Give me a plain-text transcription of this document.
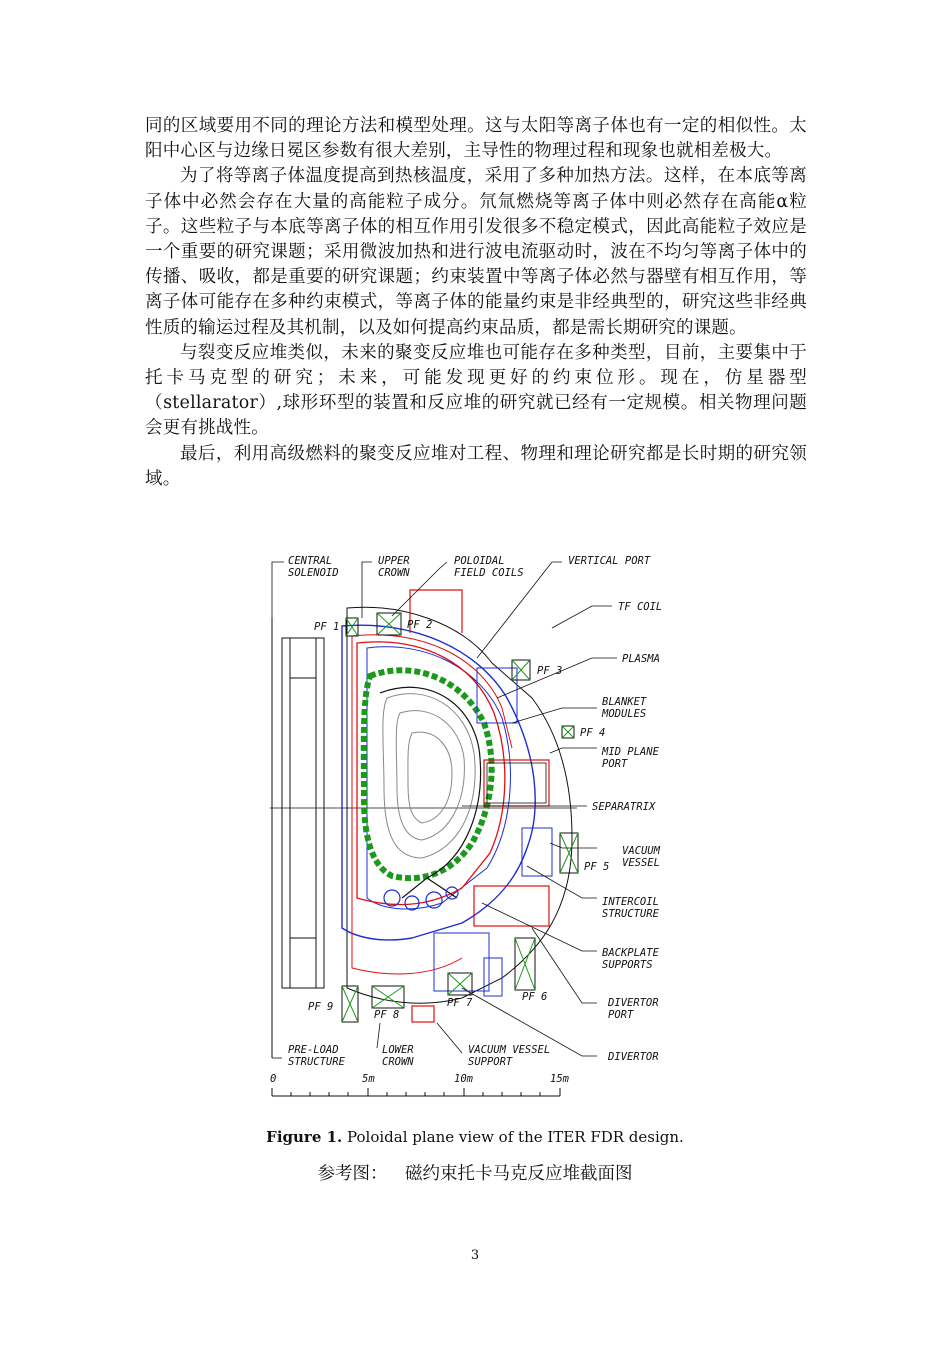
同的区域要用不同的理论方法和模型处理。这与太阳等离子体也有一定的相似性。太阳中心区与边缘日冕区参数有很大差别，主导性的物理过程和现象也就相差极大。

为了将等离子体温度提高到热核温度，采用了多种加热方法。这样，在本底等离子体中必然会存在大量的高能粒子成分。氘氚燃烧等离子体中则必然存在高能α粒子。这些粒子与本底等离子体的相互作用引发很多不稳定模式，因此高能粒子效应是一个重要的研究课题；采用微波加热和进行波电流驱动时，波在不均匀等离子体中的传播、吸收，都是重要的研究课题；约束装置中等离子体必然与器壁有相互作用，等离子体可能存在多种约束模式，等离子体的能量约束是非经典型的，研究这些非经典性质的输运过程及其机制，以及如何提高约束品质，都是需长期研究的课题。

与裂变反应堆类似，未来的聚变反应堆也可能存在多种类型，目前，主要集中于托卡马克型的研究；未来，可能发现更好的约束位形。现在，仿星器型（stellarator）,球形环型的装置和反应堆的研究就已经有一定规模。相关物理问题会更有挑战性。

最后，利用高级燃料的聚变反应堆对工程、物理和理论研究都是长时期的研究领域。

CENTRAL
SOLENOID
UPPER
CROWN
POLOIDAL
FIELD COILS
VERTICAL PORT
TF COIL
PLASMA
BLANKET
MODULES
MID PLANE
PORT
SEPARATRIX
VACUUM
VESSEL
INTERCOIL
STRUCTURE
BACKPLATE
SUPPORTS
DIVERTOR
PORT
DIVERTOR
PRE-LOAD
STRUCTURE
LOWER
CROWN
VACUUM VESSEL
SUPPORT
PF 1	PF 2
PF 3
PF 4
PF 5
PF 6
PF 7
PF 8
PF 9
0	5m	10m	15m
Figure 1. Poloidal plane view of the ITER FDR design.
参考图： 磁约束托卡马克反应堆截面图
3
